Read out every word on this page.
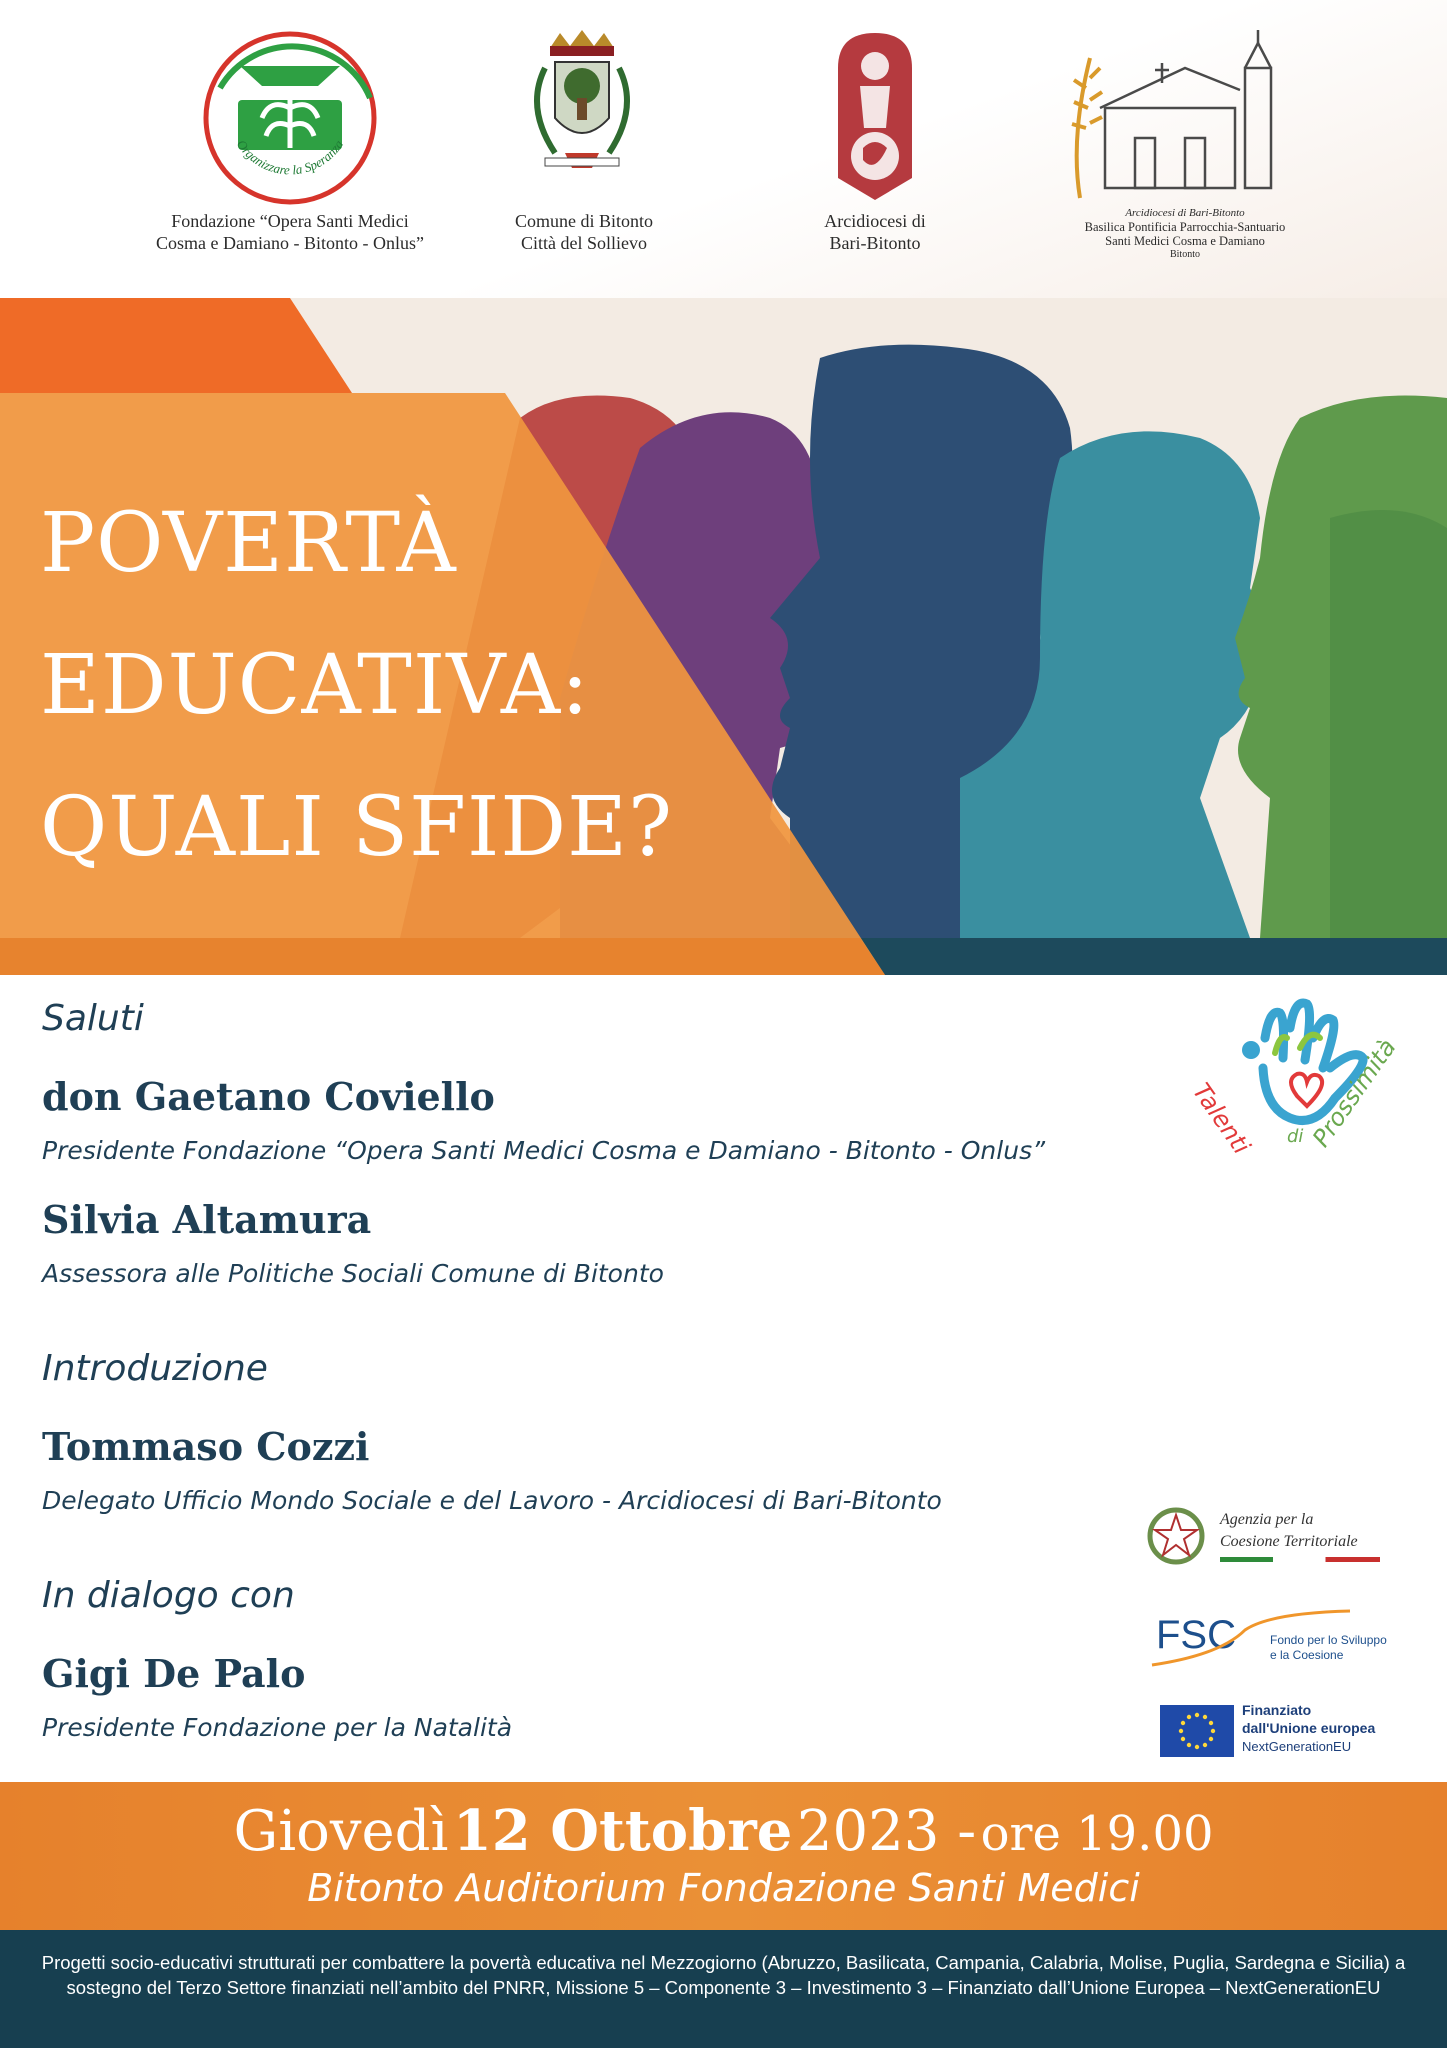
Organizzare la Speranza
Fondazione “Opera Santi Medici
Cosma e Damiano - Bitonto - Onlus”
Comune di Bitonto
Città del Sollievo
Arcidiocesi di
Bari-Bitonto
Arcidiocesi di Bari-Bitonto
Basilica Pontificia Parrocchia-Santuario
Santi Medici Cosma e Damiano
Bitonto
POVERTÀ
EDUCATIVA:
QUALI SFIDE?
Saluti
don Gaetano Coviello
Presidente Fondazione “Opera Santi Medici Cosma e Damiano - Bitonto - Onlus”
Silvia Altamura
Assessora alle Politiche Sociali Comune di Bitonto
Introduzione
Tommaso Cozzi
Delegato Ufficio Mondo Sociale e del Lavoro - Arcidiocesi di Bari-Bitonto
In dialogo con
Gigi De Palo
Presidente Fondazione per la Natalità
Talenti di Prossimità
Agenzia per la
Coesione Territoriale
FSC	Fondo per lo Sviluppo
e la Coesione
Finanziato
dall'Unione europea
NextGenerationEU
Giovedì 12 Ottobre 2023 - ore 19.00
Bitonto Auditorium Fondazione Santi Medici
Progetti socio-educativi strutturati per combattere la povertà educativa nel Mezzogiorno (Abruzzo, Basilicata, Campania, Calabria, Molise, Puglia, Sardegna e Sicilia) a sostegno del Terzo Settore finanziati nell’ambito del PNRR, Missione 5 – Componente 3 – Investimento 3 – Finanziato dall’Unione Europea – NextGenerationEU
